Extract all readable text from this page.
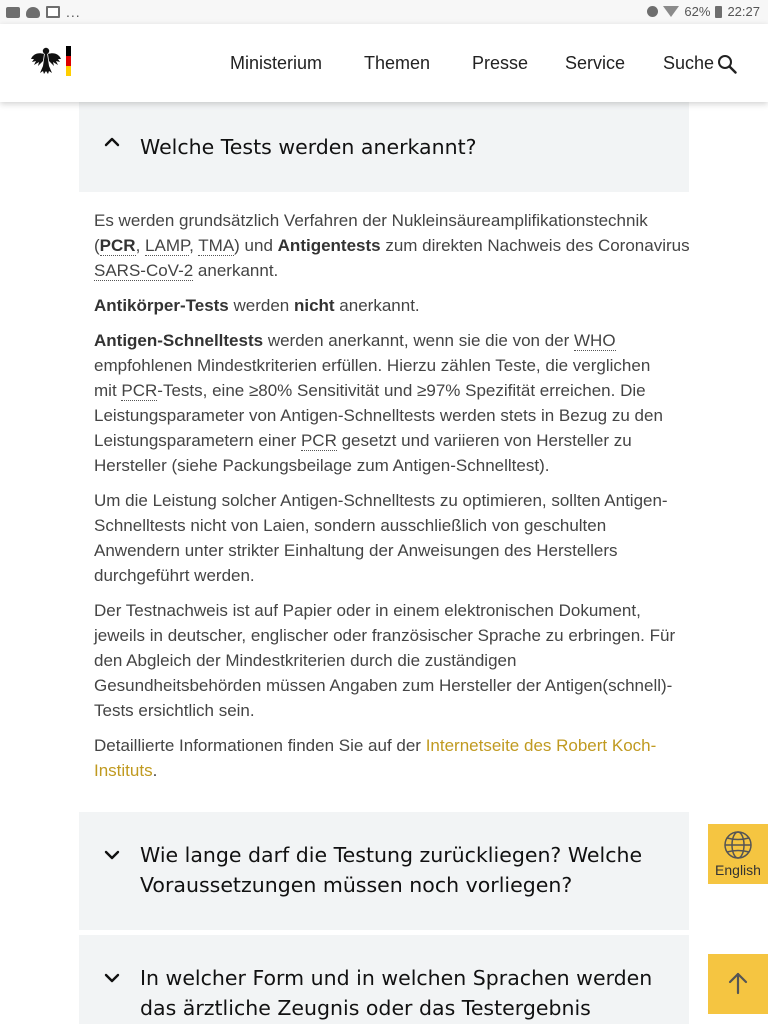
...	62% 22:27
Ministerium Themen Presse Service Suche
Welche Tests werden anerkannt?

Es werden grundsätzlich Verfahren der Nukleinsäureamplifikationstechnik
(PCR, LAMP, TMA) und Antigentests zum direkten Nachweis des Coronavirus
SARS-CoV-2 anerkannt.

Antikörper-Tests werden nicht anerkannt.

Antigen-Schnelltests werden anerkannt, wenn sie die von der WHO
empfohlenen Mindestkriterien erfüllen. Hierzu zählen Teste, die verglichen
mit PCR-Tests, eine ≥80% Sensitivität und ≥97% Spezifität erreichen. Die
Leistungsparameter von Antigen-Schnelltests werden stets in Bezug zu den
Leistungsparametern einer PCR gesetzt und variieren von Hersteller zu
Hersteller (siehe Packungsbeilage zum Antigen-Schnelltest).

Um die Leistung solcher Antigen-Schnelltests zu optimieren, sollten Antigen-
Schnelltests nicht von Laien, sondern ausschließlich von geschulten
Anwendern unter strikter Einhaltung der Anweisungen des Herstellers
durchgeführt werden.

Der Testnachweis ist auf Papier oder in einem elektronischen Dokument,
jeweils in deutscher, englischer oder französischer Sprache zu erbringen. Für
den Abgleich der Mindestkriterien durch die zuständigen
Gesundheitsbehörden müssen Angaben zum Hersteller der Antigen(schnell)-
Tests ersichtlich sein.

Detaillierte Informationen finden Sie auf der Internetseite des Robert Koch-
Instituts.

Wie lange darf die Testung zurückliegen? Welche
Voraussetzungen müssen noch vorliegen?
In welcher Form und in welchen Sprachen werden
das ärztliche Zeugnis oder das Testergebnis
English
